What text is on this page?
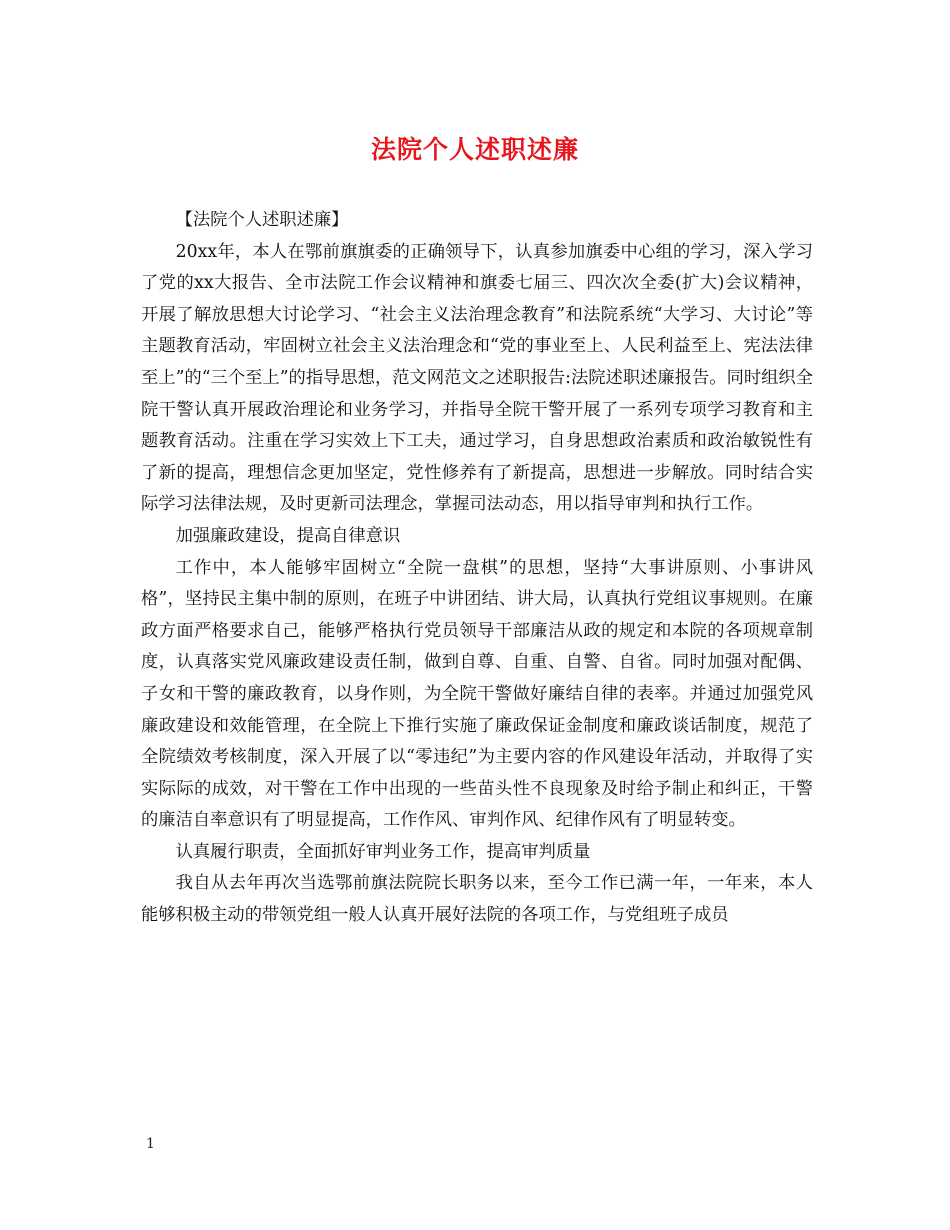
法院个人述职述廉

【法院个人述职述廉】

20xx年，本人在鄂前旗旗委的正确领导下，认真参加旗委中心组的学习，深入学习了党的xx大报告、全市法院工作会议精神和旗委七届三、四次次全委(扩大)会议精神，开展了解放思想大讨论学习、“社会主义法治理念教育”和法院系统“大学习、大讨论”等主题教育活动，牢固树立社会主义法治理念和“党的事业至上、人民利益至上、宪法法律至上”的“三个至上”的指导思想，范文网范文之述职报告:法院述职述廉报告。同时组织全院干警认真开展政治理论和业务学习，并指导全院干警开展了一系列专项学习教育和主题教育活动。注重在学习实效上下工夫，通过学习，自身思想政治素质和政治敏锐性有了新的提高，理想信念更加坚定，党性修养有了新提高，思想进一步解放。同时结合实际学习法律法规，及时更新司法理念，掌握司法动态，用以指导审判和执行工作。

加强廉政建设，提高自律意识

工作中，本人能够牢固树立“全院一盘棋”的思想，坚持“大事讲原则、小事讲风格”，坚持民主集中制的原则，在班子中讲团结、讲大局，认真执行党组议事规则。在廉政方面严格要求自己，能够严格执行党员领导干部廉洁从政的规定和本院的各项规章制度，认真落实党风廉政建设责任制，做到自尊、自重、自警、自省。同时加强对配偶、子女和干警的廉政教育，以身作则，为全院干警做好廉结自律的表率。并通过加强党风廉政建设和效能管理，在全院上下推行实施了廉政保证金制度和廉政谈话制度，规范了全院绩效考核制度，深入开展了以“零违纪”为主要内容的作风建设年活动，并取得了实实际际的成效，对干警在工作中出现的一些苗头性不良现象及时给予制止和纠正，干警的廉洁自率意识有了明显提高，工作作风、审判作风、纪律作风有了明显转变。

认真履行职责，全面抓好审判业务工作，提高审判质量

我自从去年再次当选鄂前旗法院院长职务以来，至今工作已满一年，一年来，本人能够积极主动的带领党组一般人认真开展好法院的各项工作，与党组班子成员

1
